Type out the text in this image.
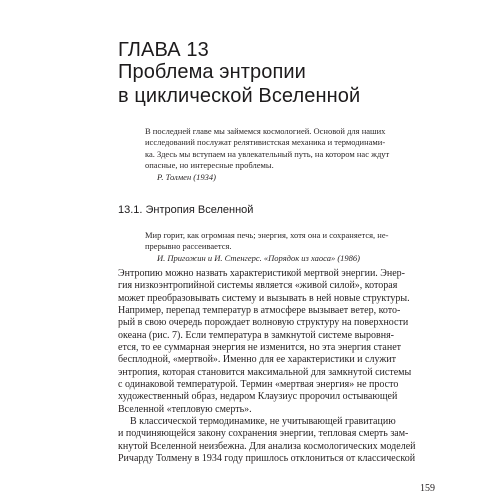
ГЛАВА 13
Проблема энтропии
в циклической Вселенной
В последней главе мы займемся космологией. Основой для наших
исследований послужат релятивистская механика и термодинами-
ка. Здесь мы вступаем на увлекательный путь, на котором нас ждут
опасные, но интересные проблемы.
Р. Толмен (1934)
13.1. Энтропия Вселенной
Мир горит, как огромная печь; энергия, хотя она и сохраняется, не-
прерывно рассеивается.
И. Пригожин и И. Стенгерс. «Порядок из хаоса» (1986)
Энтропию можно назвать характеристикой мертвой энергии. Энер-
гия низкоэнтропийной системы является «живой силой», которая
может преобразовывать систему и вызывать в ней новые структуры.
Например, перепад температур в атмосфере вызывает ветер, кото-
рый в свою очередь порождает волновую структуру на поверхности
океана (рис. 7). Если температура в замкнутой системе выровня-
ется, то ее суммарная энергия не изменится, но эта энергия станет
бесплодной, «мертвой». Именно для ее характеристики и служит
энтропия, которая становится максимальной для замкнутой системы
с одинаковой температурой. Термин «мертвая энергия» не просто
художественный образ, недаром Клаузиус пророчил остывающей
Вселенной «тепловую смерть».
В классической термодинамике, не учитывающей гравитацию
и подчиняющейся закону сохранения энергии, тепловая смерть зам-
кнутой Вселенной неизбежна. Для анализа космологических моделей
Ричарду Толмену в 1934 году пришлось отклониться от классической
159
